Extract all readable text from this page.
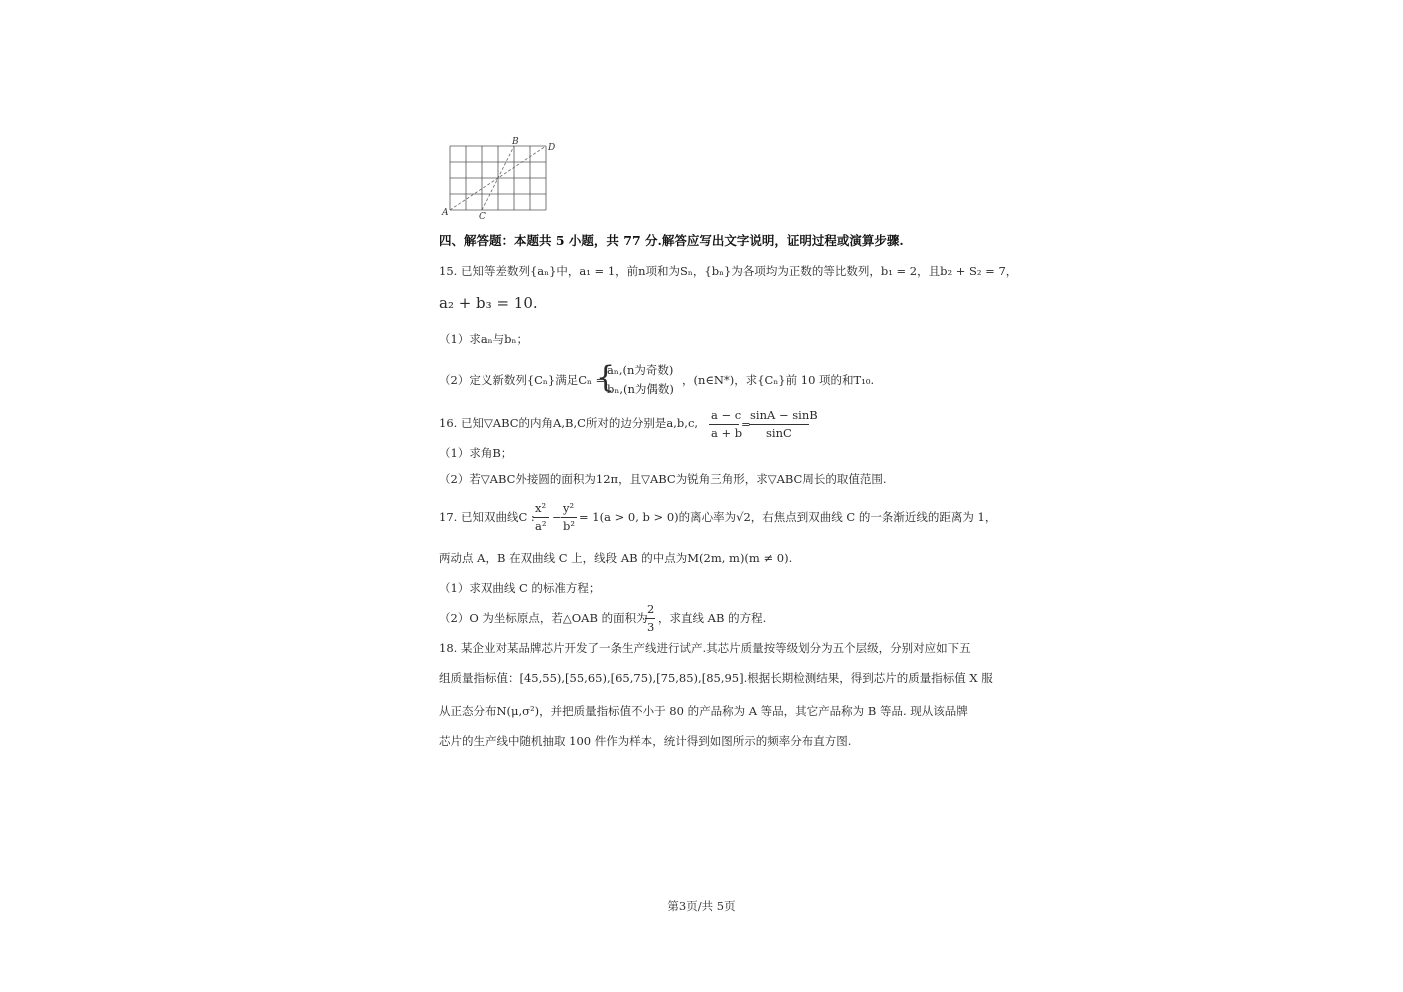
A
B
C
D
四、解答题：本题共 5 小题，共 77 分.解答应写出文字说明，证明过程或演算步骤.
15. 已知等差数列{aₙ}中，a₁ = 1，前n项和为Sₙ，{bₙ}为各项均为正数的等比数列，b₁ = 2，且b₂ + S₂ = 7，
a₂ + b₃ = 10.
（1）求aₙ与bₙ；
（2）定义新数列{Cₙ}满足Cₙ =
{
aₙ,(n为奇数)
bₙ,(n为偶数)
，(n∈N*)，求{Cₙ}前 10 项的和T₁₀.
16. 已知▽ABC的内角A,B,C所对的边分别是a,b,c,
a − c
a + b
=
sinA − sinB
sinC
（1）求角B；
（2）若▽ABC外接圆的面积为12π，且▽ABC为锐角三角形，求▽ABC周长的取值范围.
17. 已知双曲线C :
x²
a²
−
y²
b²
= 1(a > 0, b > 0)的离心率为√2，右焦点到双曲线 C 的一条渐近线的距离为 1，
两动点 A，B 在双曲线 C 上，线段 AB 的中点为M(2m, m)(m ≠ 0).
（1）求双曲线 C 的标准方程；
（2）O 为坐标原点，若△OAB 的面积为
2
3
，求直线 AB 的方程.
18. 某企业对某品牌芯片开发了一条生产线进行试产.其芯片质量按等级划分为五个层级，分别对应如下五
组质量指标值：[45,55),[55,65),[65,75),[75,85),[85,95].根据长期检测结果，得到芯片的质量指标值 X 服
从正态分布N(μ,σ²)，并把质量指标值不小于 80 的产品称为 A 等品，其它产品称为 B 等品. 现从该品牌
芯片的生产线中随机抽取 100 件作为样本，统计得到如图所示的频率分布直方图.
第3页/共 5页
